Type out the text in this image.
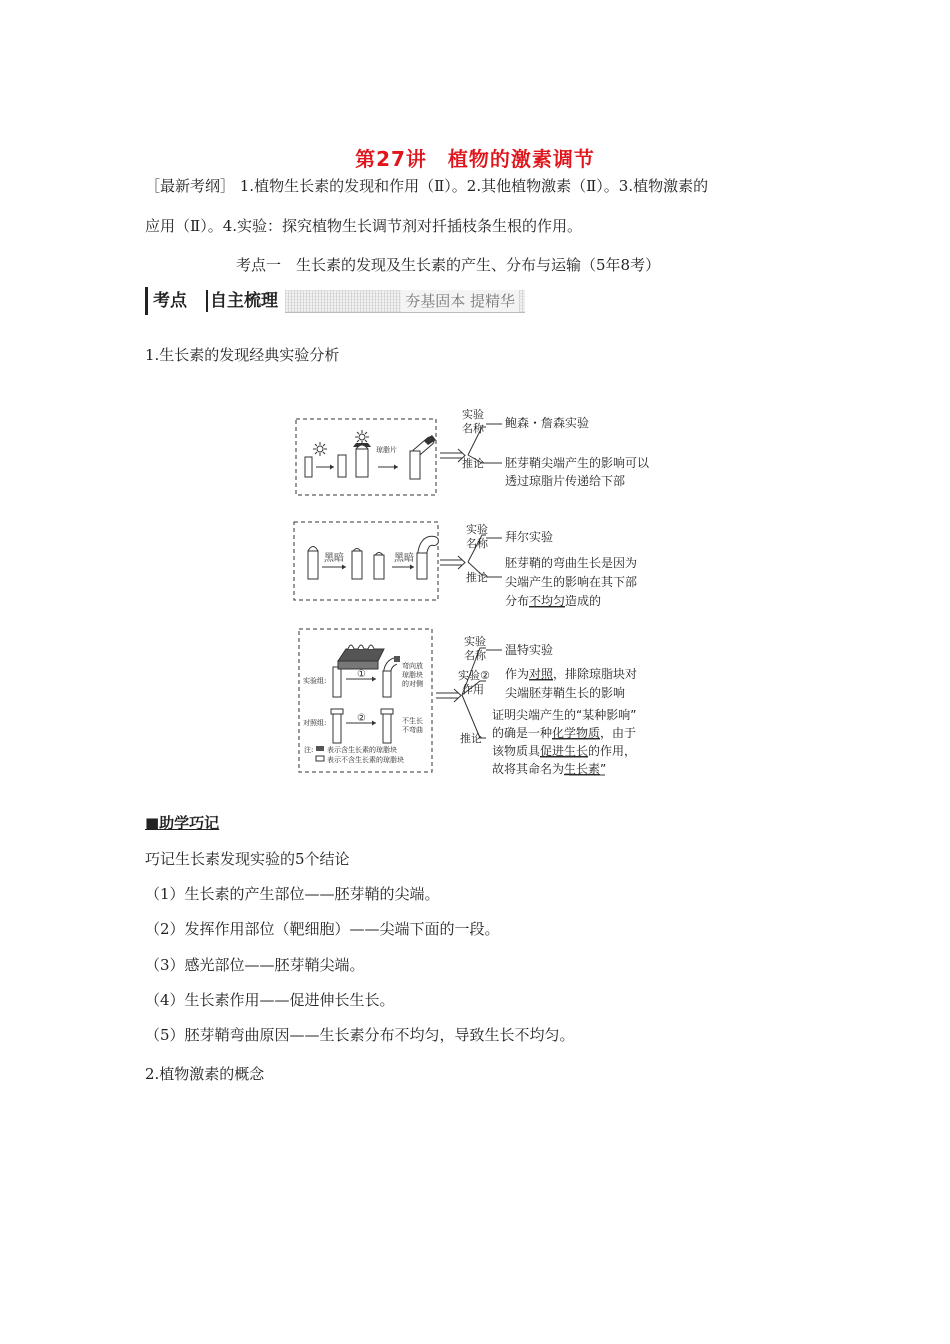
第27讲　植物的激素调节
［最新考纲］ 1.植物生长素的发现和作用（Ⅱ）。2.其他植物激素（Ⅱ）。3.植物激素的
应用（Ⅱ）。4.实验：探究植物生长调节剂对扦插枝条生根的作用。
考点一　生长素的发现及生长素的产生、分布与运输（5年8考）
考点 自主梳理	夯基固本 提精华
1.生长素的发现经典实验分析
琼脂片
实验
名称 鲍森・詹森实验
推论 胚芽鞘尖端产生的影响可以
透过琼脂片传递给下部
黑暗	黑暗
实验
名称 拜尔实验
推论
胚芽鞘的弯曲生长是因为
尖端产生的影响在其下部
分布不均匀造成的
实验组:
①
弯向放
琼脂块
的对侧
对照组:	②	不生长
不弯曲
注: 表示含生长素的琼脂块
表示不含生长素的琼脂块
实验
名称 温特实验
实验②
作用
作为对照，排除琼脂块对
尖端胚芽鞘生长的影响
推论
证明尖端产生的“某种影响”
的确是一种化学物质，由于
该物质具促进生长的作用，
故将其命名为生长素”
■助学巧记
巧记生长素发现实验的5个结论
（1）生长素的产生部位——胚芽鞘的尖端。
（2）发挥作用部位（靶细胞）——尖端下面的一段。
（3）感光部位——胚芽鞘尖端。
（4）生长素作用——促进伸长生长。
（5）胚芽鞘弯曲原因——生长素分布不均匀，导致生长不均匀。
2.植物激素的概念
